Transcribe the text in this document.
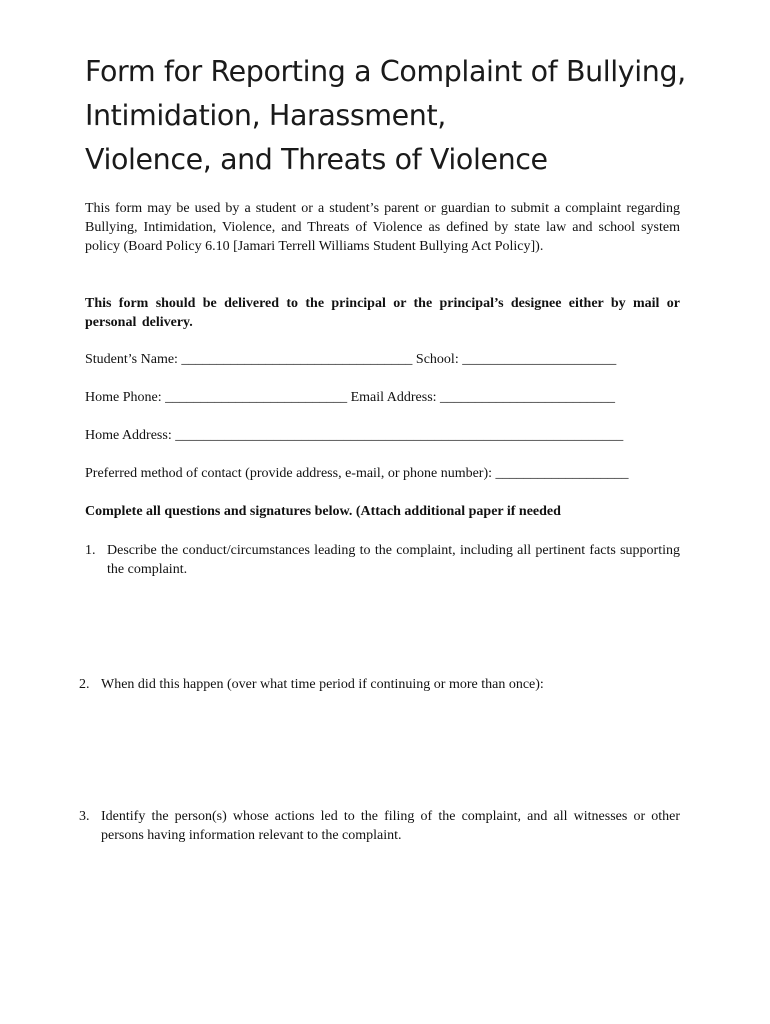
Form for Reporting a Complaint of Bullying,
Intimidation, Harassment,
Violence, and Threats of Violence

This form may be used by a student or a student’s parent or guardian to submit a complaint regarding Bullying, Intimidation, Violence, and Threats of Violence as defined by state law and school system policy (Board Policy 6.10 [Jamari Terrell Williams Student Bullying Act Policy]).

This form should be delivered to the principal or the principal’s designee either by mail or personal delivery.

Student’s Name: _________________________________ School: ______________________
Home Phone: __________________________ Email Address: _________________________
Home Address: ________________________________________________________________
Preferred method of contact (provide address, e-mail, or phone number): ___________________
Complete all questions and signatures below. (Attach additional paper if needed
1. Describe the conduct/circumstances leading to the complaint, including all pertinent facts supporting the complaint.
2. When did this happen (over what time period if continuing or more than once):
3. Identify the person(s) whose actions led to the filing of the complaint, and all witnesses or other persons having information relevant to the complaint.
